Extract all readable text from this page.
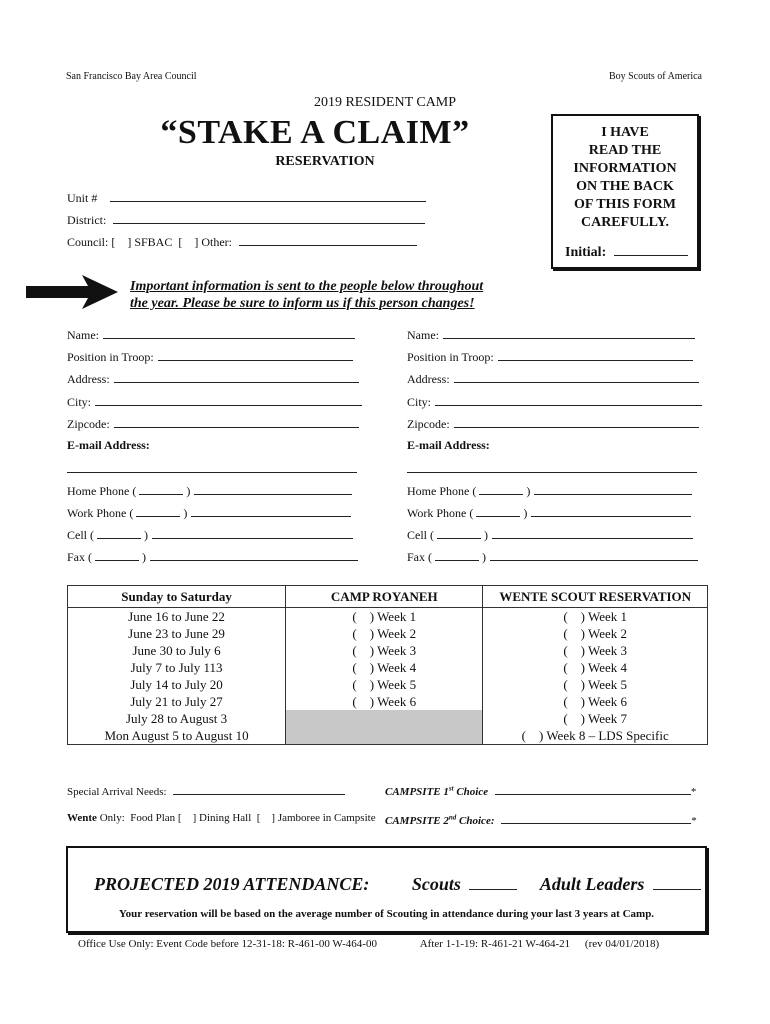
San Francisco Bay Area Council	Boy Scouts of America
2019 RESIDENT CAMP
“STAKE A CLAIM”
RESERVATION
Unit #
District:
Council: [    ] SFBAC  [    ] Other:
I HAVE
READ THE
INFORMATION
ON THE BACK
OF THIS FORM
CAREFULLY.
Initial:
Important information is sent to the people below throughout
the year. Please be sure to inform us if this person changes!
Name:
Position in Troop:
Address:
City:
Zipcode:
E-mail Address:
Home Phone (	)
Work Phone (	)
Cell (	)
Fax (	)
Name:
Position in Troop:
Address:
City:
Zipcode:
E-mail Address:
Home Phone (	)
Work Phone (	)
Cell (	)
Fax (	)
Sunday to Saturday	CAMP ROYANEH	WENTE SCOUT RESERVATION
June 16 to June 22	(    ) Week 1	(    ) Week 1
June 23 to June 29	(    ) Week 2	(    ) Week 2
June 30 to July 6	(    ) Week 3	(    ) Week 3
July 7 to July 113	(    ) Week 4	(    ) Week 4
July 14 to July 20	(    ) Week 5	(    ) Week 5
July 21 to July 27	(    ) Week 6	(    ) Week 6
July 28 to August 3		(    ) Week 7
Mon August 5 to August 10		(    ) Week 8 – LDS Specific
Special Arrival Needs:	CAMPSITE 1st Choice	*
Wente Only:  Food Plan [    ] Dining Hall  [    ] Jamboree in Campsite CAMPSITE 2nd Choice:	*
PROJECTED 2019 ATTENDANCE: Scouts	Adult Leaders
Your reservation will be based on the average number of Scouting in attendance during your last 3 years at Camp.
Office Use Only: Event Code before 12-31-18: R-461-00 W-464-00	After 1-1-19: R-461-21 W-464-21 (rev 04/01/2018)
